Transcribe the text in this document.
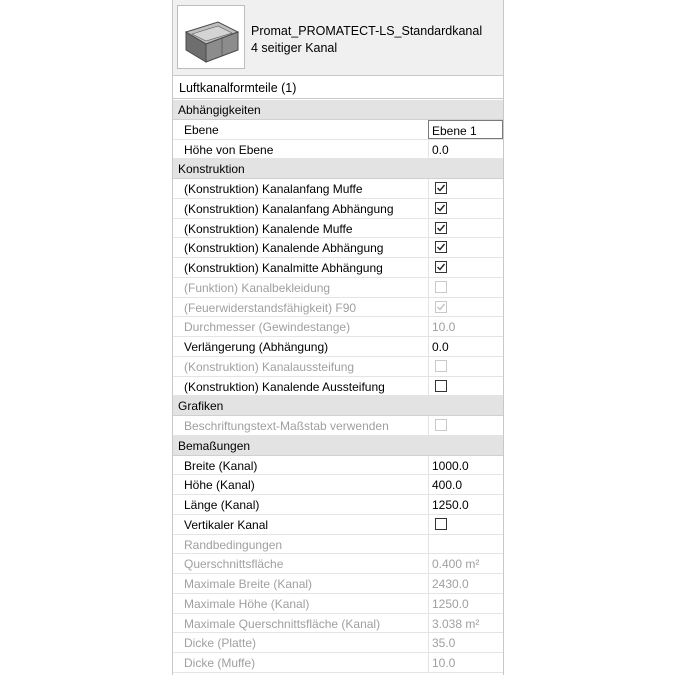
Promat_PROMATECT-LS_Standardkanal
4 seitiger Kanal
Luftkanalformteile (1)
Abhängigkeiten
Ebene	Ebene 1
Höhe von Ebene	0.0
Konstruktion
(Konstruktion) Kanalanfang Muffe
(Konstruktion) Kanalanfang Abhängung
(Konstruktion) Kanalende Muffe
(Konstruktion) Kanalende Abhängung
(Konstruktion) Kanalmitte Abhängung
(Funktion) Kanalbekleidung
(Feuerwiderstandsfähigkeit) F90
Durchmesser (Gewindestange)	10.0
Verlängerung (Abhängung)	0.0
(Konstruktion) Kanalaussteifung
(Konstruktion) Kanalende Aussteifung
Grafiken
Beschriftungstext-Maßstab verwenden
Bemaßungen
Breite (Kanal)	1000.0
Höhe (Kanal)	400.0
Länge (Kanal)	1250.0
Vertikaler Kanal
Randbedingungen
Querschnittsfläche	0.400 m²
Maximale Breite (Kanal)	2430.0
Maximale Höhe (Kanal)	1250.0
Maximale Querschnittsfläche (Kanal)	3.038 m²
Dicke (Platte)	35.0
Dicke (Muffe)	10.0
